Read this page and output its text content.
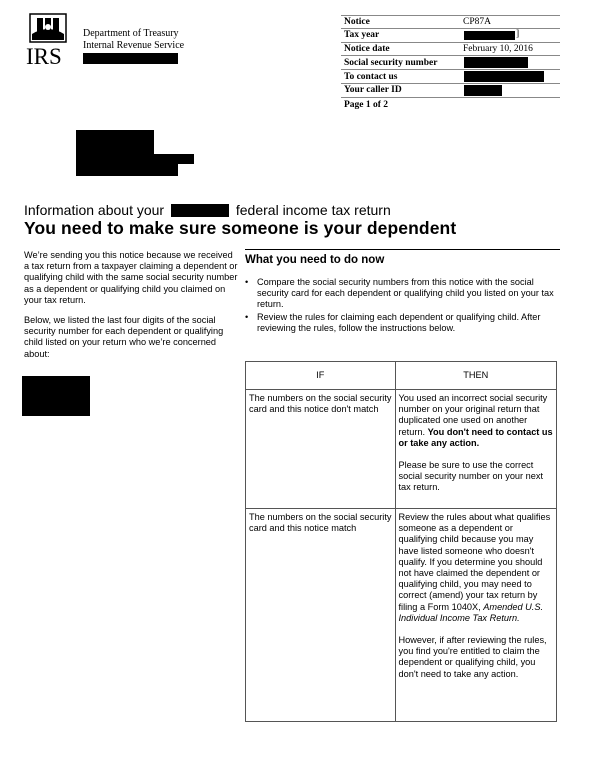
IRS
Department of Treasury
Internal Revenue Service
Notice	CP87A
Tax year	]
Notice date	February 10, 2016
Social security number
To contact us
Your caller ID
Page 1 of 2
Information about your	federal income tax return
You need to make sure someone is your dependent

We’re sending you this notice because we received a tax return from a taxpayer claiming a dependent or qualifying child with the same social security number as a dependent or qualifying child you claimed on your tax return.

Below, we listed the last four digits of the social security number for each dependent or qualifying child listed on your return who we’re concerned about:

What you need to do now
• Compare the social security numbers from this notice with the social security card for each dependent or qualifying child you listed on your tax return.
• Review the rules for claiming each dependent or qualifying child. After reviewing the rules, follow the instructions below.
IF	THEN
The numbers on the social security card and this notice don't match	You used an incorrect social security number on your original return that duplicated one used on another return. You don't need to contact us or take any action.

Please be sure to use the correct social security number on your next tax return.

The numbers on the social security card and this notice match	Review the rules about what qualifies someone as a dependent or qualifying child because you may have listed someone who doesn't qualify. If you determine you should not have claimed the dependent or qualifying child, you may need to correct (amend) your tax return by filing a Form 1040X, Amended U.S. Individual Income Tax Return.

However, if after reviewing the rules, you find you're entitled to claim the dependent or qualifying child, you don't need to take any action.
